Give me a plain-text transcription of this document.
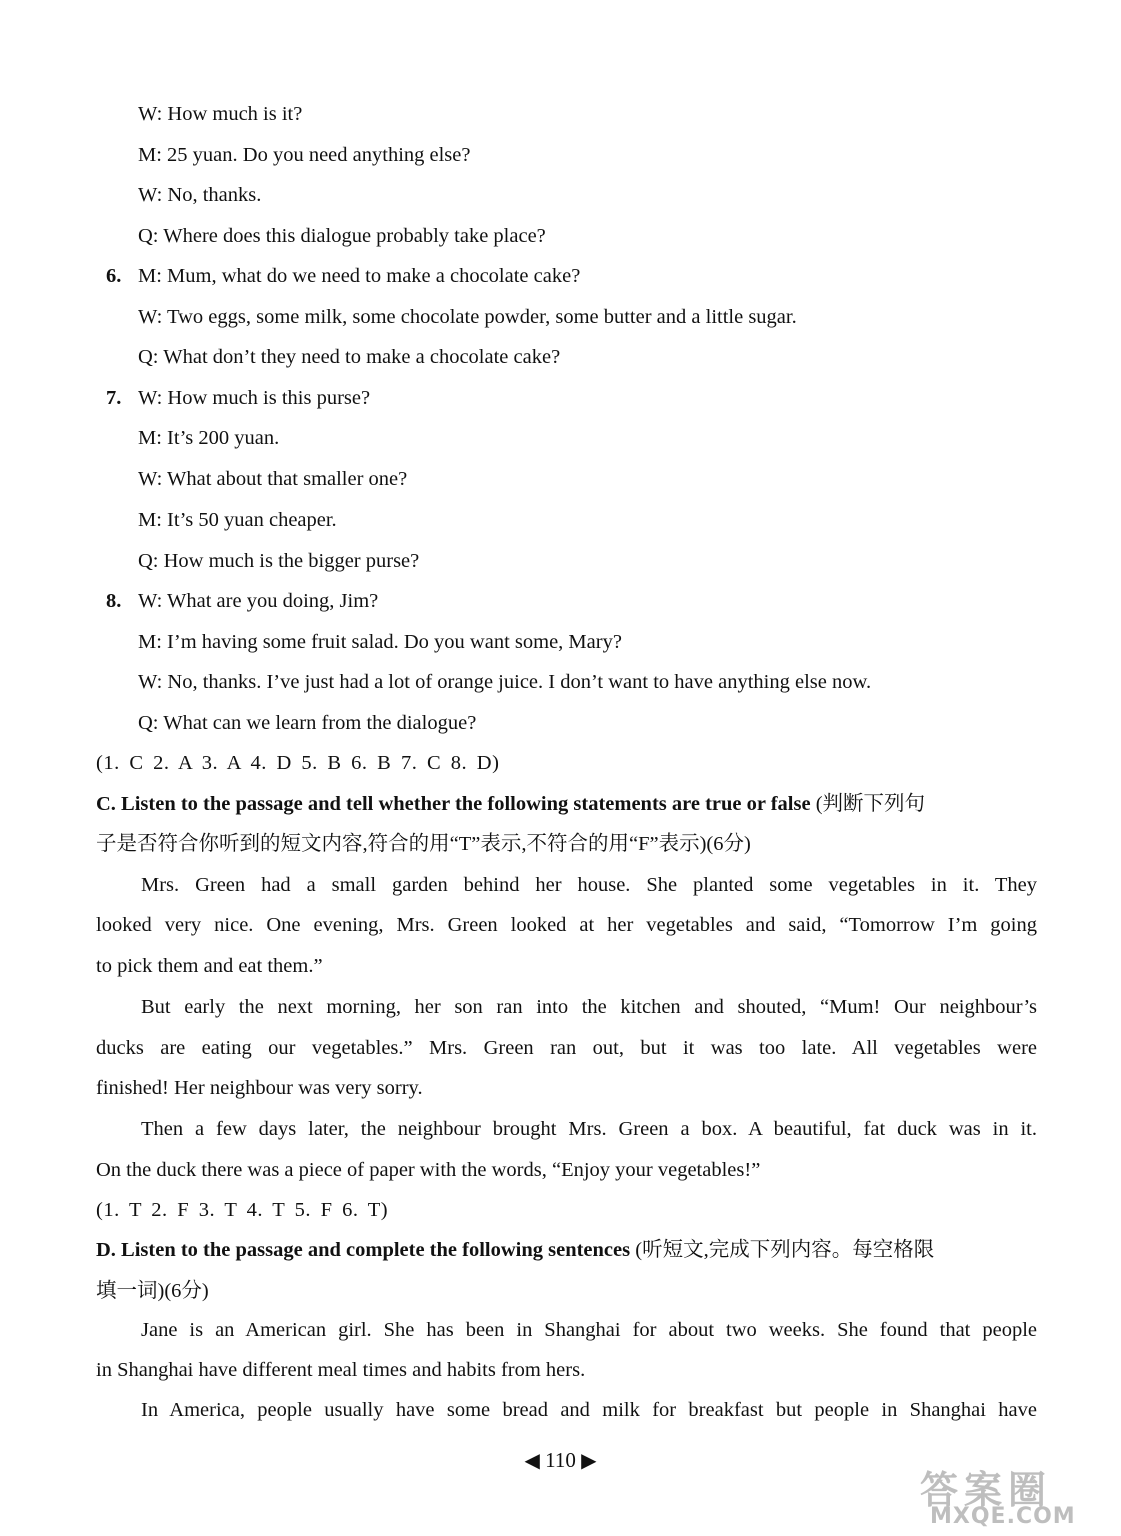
W: How much is it?
M: 25 yuan. Do you need anything else?
W: No, thanks.
Q: Where does this dialogue probably take place?
6. M: Mum, what do we need to make a chocolate cake?
W: Two eggs, some milk, some chocolate powder, some butter and a little sugar.
Q: What don’t they need to make a chocolate cake?
7. W: How much is this purse?
M: It’s 200 yuan.
W: What about that smaller one?
M: It’s 50 yuan cheaper.
Q: How much is the bigger purse?
8. W: What are you doing, Jim?
M: I’m having some fruit salad. Do you want some, Mary?
W: No, thanks. I’ve just had a lot of orange juice. I don’t want to have anything else now.
Q: What can we learn from the dialogue?
(1. C 2. A 3. A 4. D 5. B 6. B 7. C 8. D)
C. Listen to the passage and tell whether the following statements are true or false (判断下列句
子是否符合你听到的短文内容,符合的用“T”表示,不符合的用“F”表示)(6分)
Mrs. Green had a small garden behind her house. She planted some vegetables in it. They
looked very nice. One evening, Mrs. Green looked at her vegetables and said, “Tomorrow I’m going
to pick them and eat them.”
But early the next morning, her son ran into the kitchen and shouted, “Mum! Our neighbour’s
ducks are eating our vegetables.” Mrs. Green ran out, but it was too late. All vegetables were
finished! Her neighbour was very sorry.
Then a few days later, the neighbour brought Mrs. Green a box. A beautiful, fat duck was in it.
On the duck there was a piece of paper with the words, “Enjoy your vegetables!”
(1. T 2. F 3. T 4. T 5. F 6. T)
D. Listen to the passage and complete the following sentences (听短文,完成下列内容。每空格限
填一词)(6分)
Jane is an American girl. She has been in Shanghai for about two weeks. She found that people
in Shanghai have different meal times and habits from hers.
In America, people usually have some bread and milk for breakfast but people in Shanghai have
◀ 110 ▶
答案圈
MXQE.COM
